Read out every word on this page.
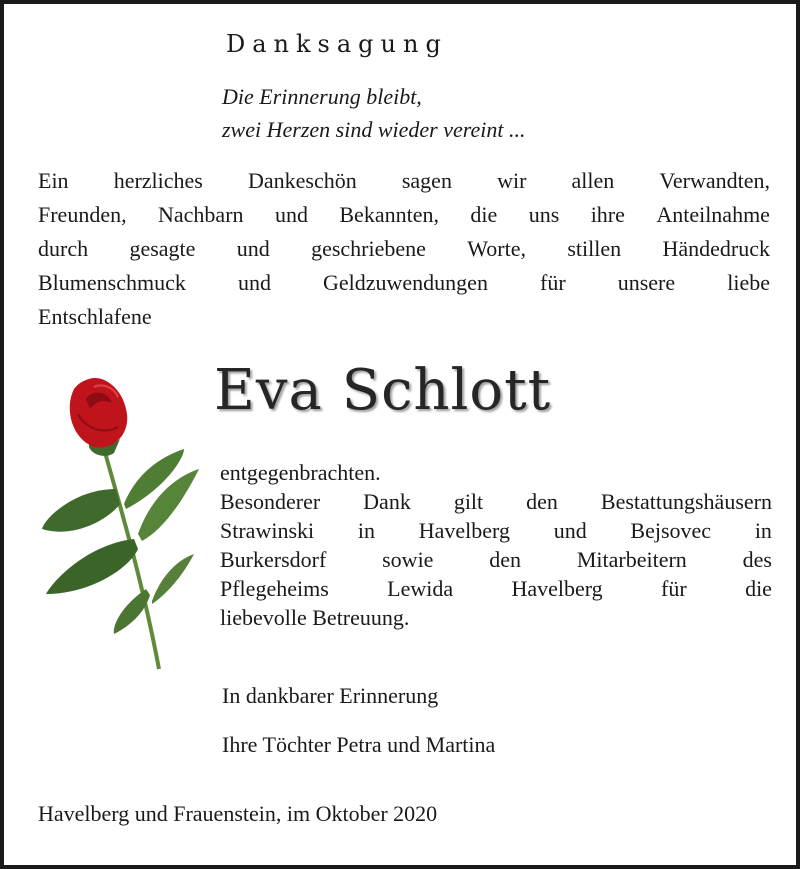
Danksagung
Die Erinnerung bleibt,
zwei Herzen sind wieder vereint ...
Ein herzliches Dankeschön sagen wir allen Verwandten,
Freunden, Nachbarn und Bekannten, die uns ihre Anteilnahme
durch gesagte und geschriebene Worte, stillen Händedruck
Blumenschmuck und Geldzuwendungen für unsere liebe
Entschlafene
Eva Schlott
entgegenbrachten.
Besonderer Dank gilt den Bestattungshäusern
Strawinski in Havelberg und Bejsovec in
Burkersdorf	sowie	den	Mitarbeitern	des
Pflegeheims	Lewida	Havelberg	für	die
liebevolle Betreuung.
In dankbarer Erinnerung
Ihre Töchter Petra und Martina
Havelberg und Frauenstein, im Oktober 2020
